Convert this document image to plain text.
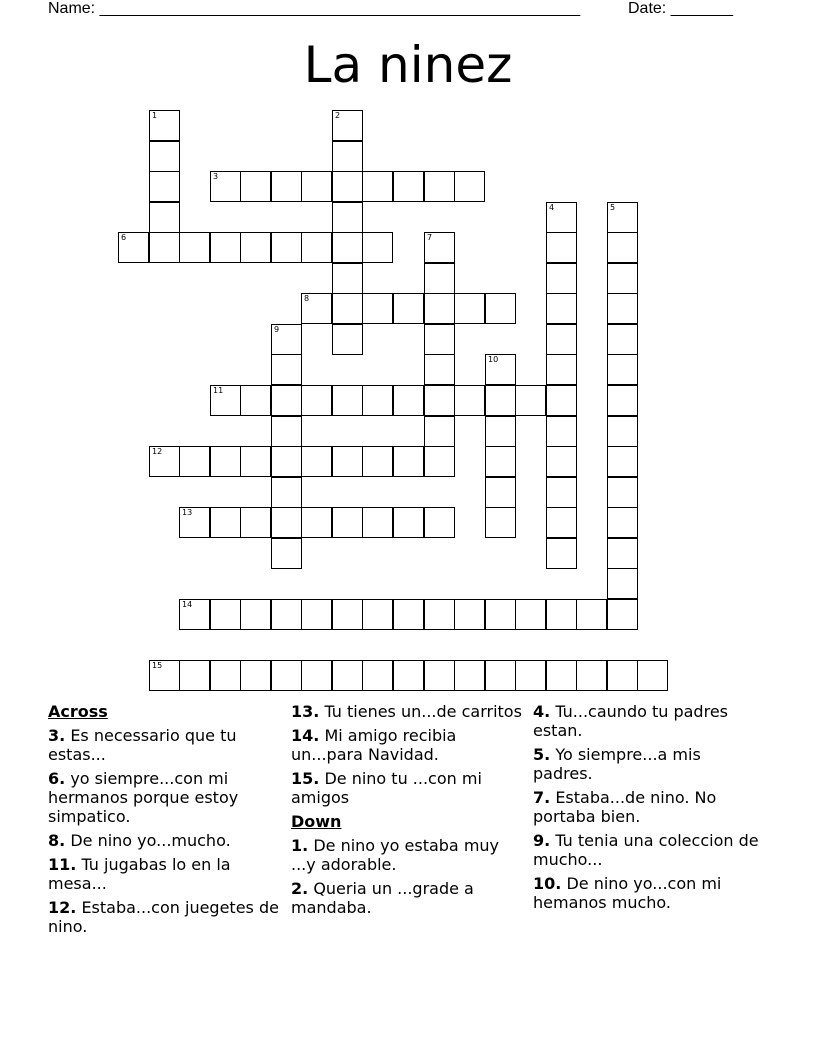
Name: ______________________________________________________	Date: _______
La ninez
1	2
3
4	5
6	7
8
9
10
11
12
13
14
15
Across
3. Es necessario que tu estas...
6. yo siempre...con mi hermanos porque estoy simpatico.
8. De nino yo...mucho.
11. Tu jugabas lo en la mesa...
12. Estaba...con juegetes de nino.
13. Tu tienes un...de carritos
14. Mi amigo recibia un...para Navidad.
15. De nino tu ...con mi amigos
Down
1. De nino yo estaba muy ...y adorable.
2. Queria un ...grade a mandaba.
4. Tu...caundo tu padres estan.
5. Yo siempre...a mis padres.
7. Estaba...de nino. No portaba bien.
9. Tu tenia una coleccion de mucho...
10. De nino yo...con mi hemanos mucho.
